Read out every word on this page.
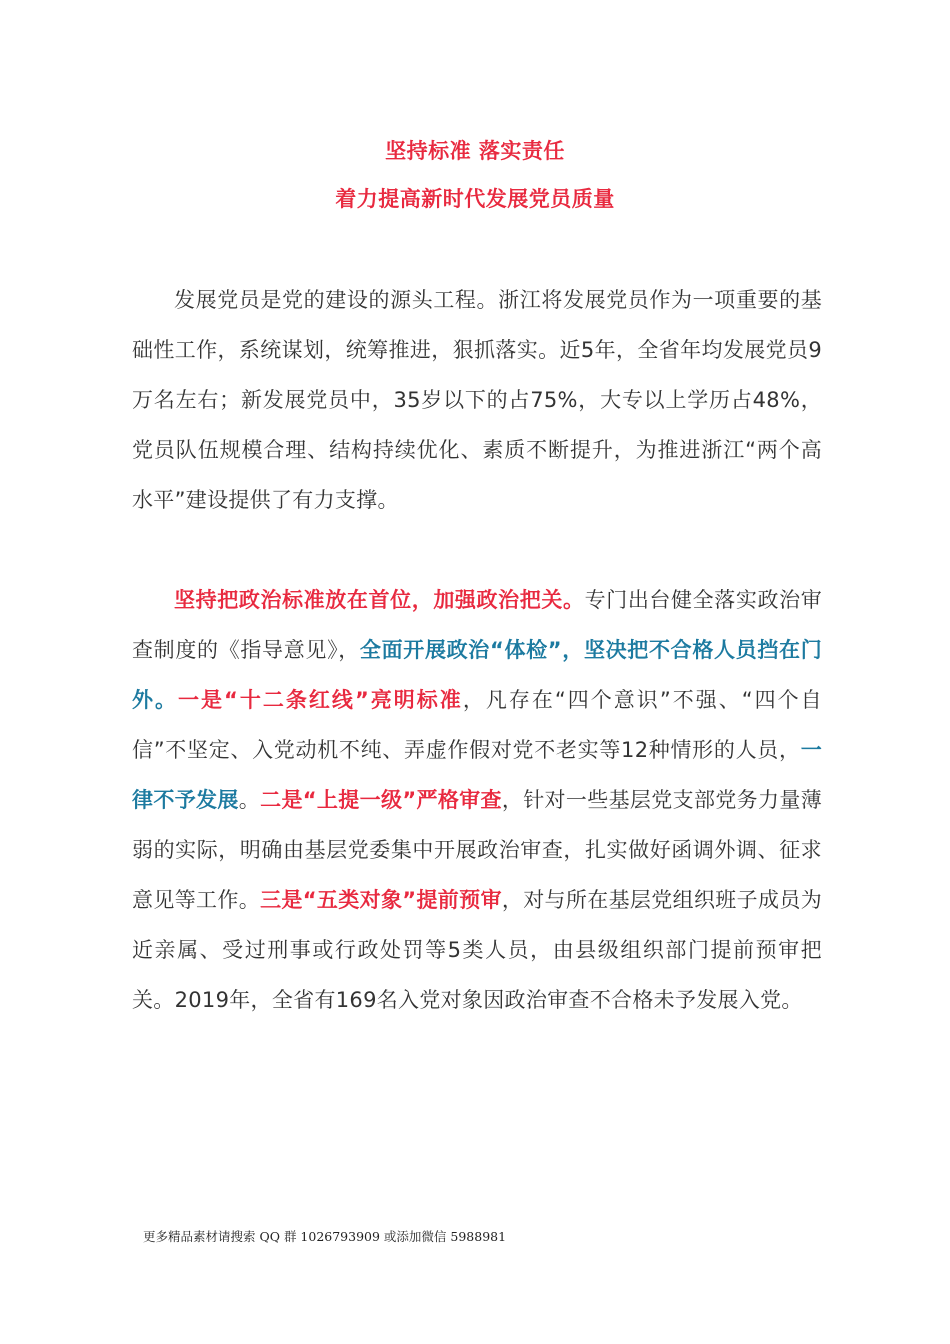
坚持标准 落实责任
着力提高新时代发展党员质量

发展党员是党的建设的源头工程。浙江将发展党员作为一项重要的基础性工作，系统谋划，统筹推进，狠抓落实。近5年，全省年均发展党员9万名左右；新发展党员中，35岁以下的占75%，大专以上学历占48%，党员队伍规模合理、结构持续优化、素质不断提升，为推进浙江“两个高水平”建设提供了有力支撑。

坚持把政治标准放在首位，加强政治把关。专门出台健全落实政治审查制度的《指导意见》，全面开展政治“体检”，坚决把不合格人员挡在门外。一是“十二条红线”亮明标准，凡存在“四个意识”不强、“四个自信”不坚定、入党动机不纯、弄虚作假对党不老实等12种情形的人员，一律不予发展。二是“上提一级”严格审查，针对一些基层党支部党务力量薄弱的实际，明确由基层党委集中开展政治审查，扎实做好函调外调、征求意见等工作。三是“五类对象”提前预审，对与所在基层党组织班子成员为近亲属、受过刑事或行政处罚等5类人员，由县级组织部门提前预审把关。2019年，全省有169名入党对象因政治审查不合格未予发展入党。

更多精品素材请搜索 QQ 群 1026793909 或添加微信 5988981
